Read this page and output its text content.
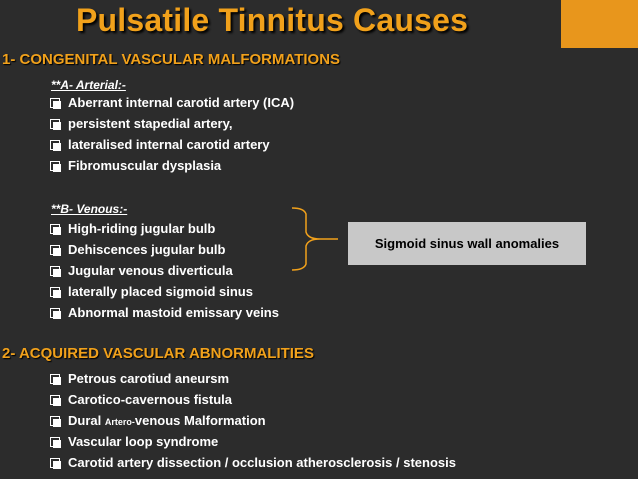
Pulsatile Tinnitus Causes
1- CONGENITAL VASCULAR MALFORMATIONS
**A- Arterial:-
Aberrant internal carotid artery (ICA)
persistent stapedial artery,
lateralised internal carotid artery
Fibromuscular dysplasia
**B- Venous:-
High-riding jugular bulb
Dehiscences jugular bulb
Jugular venous diverticula
laterally placed sigmoid sinus
Abnormal mastoid emissary veins
Sigmoid sinus wall anomalies
2- ACQUIRED VASCULAR ABNORMALITIES
Petrous carotiud aneursm
Carotico-cavernous fistula
Dural Artero-venous Malformation
Vascular loop syndrome
Carotid artery dissection / occlusion atherosclerosis / stenosis
